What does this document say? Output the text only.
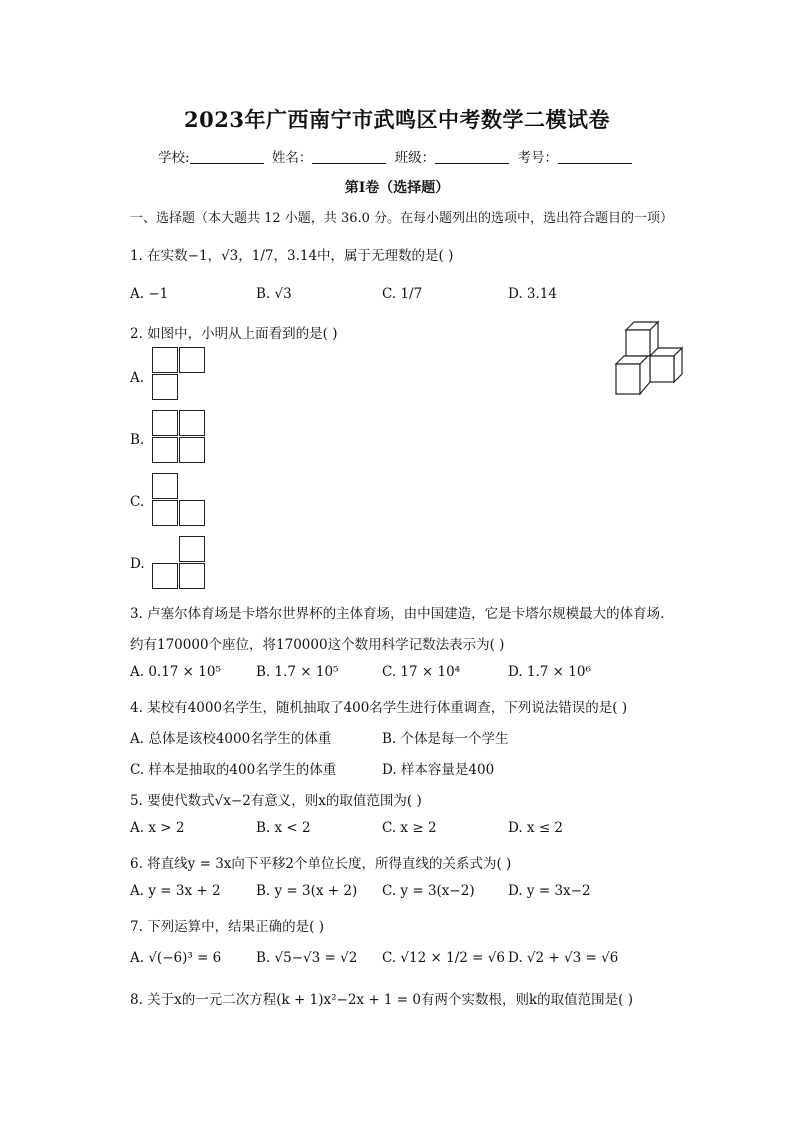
2023年广西南宁市武鸣区中考数学二模试卷
学校:	姓名：	班级：	考号：
第Ⅰ卷（选择题）
一、选择题（本大题共 12 小题，共 36.0 分。在每小题列出的选项中，选出符合题目的一项）
1. 在实数−1，√3，1/7，3.14中，属于无理数的是( )
A. −1	B. √3	C. 1/7	D. 3.14
2. 如图中，小明从上面看到的是( )
A.
B.
C.
D.
3. 卢塞尔体育场是卡塔尔世界杯的主体育场，由中国建造，它是卡塔尔规模最大的体育场.
约有170000个座位，将170000这个数用科学记数法表示为( )
A. 0.17 × 10⁵	B. 1.7 × 10⁵	C. 17 × 10⁴	D. 1.7 × 10⁶
4. 某校有4000名学生，随机抽取了400名学生进行体重调查，下列说法错误的是( )
A. 总体是该校4000名学生的体重	B. 个体是每一个学生
C. 样本是抽取的400名学生的体重	D. 样本容量是400
5. 要使代数式√x−2有意义，则x的取值范围为( )
A. x > 2	B. x < 2	C. x ≥ 2	D. x ≤ 2
6. 将直线y = 3x向下平移2个单位长度，所得直线的关系式为( )
A. y = 3x + 2	B. y = 3(x + 2) C. y = 3(x−2) D. y = 3x−2
7. 下列运算中，结果正确的是( )
A. √(−6)³ = 6	B. √5−√3 = √2 C. √12 × 1/2 = √6 D. √2 + √3 = √6
8. 关于x的一元二次方程(k + 1)x²−2x + 1 = 0有两个实数根，则k的取值范围是( )
